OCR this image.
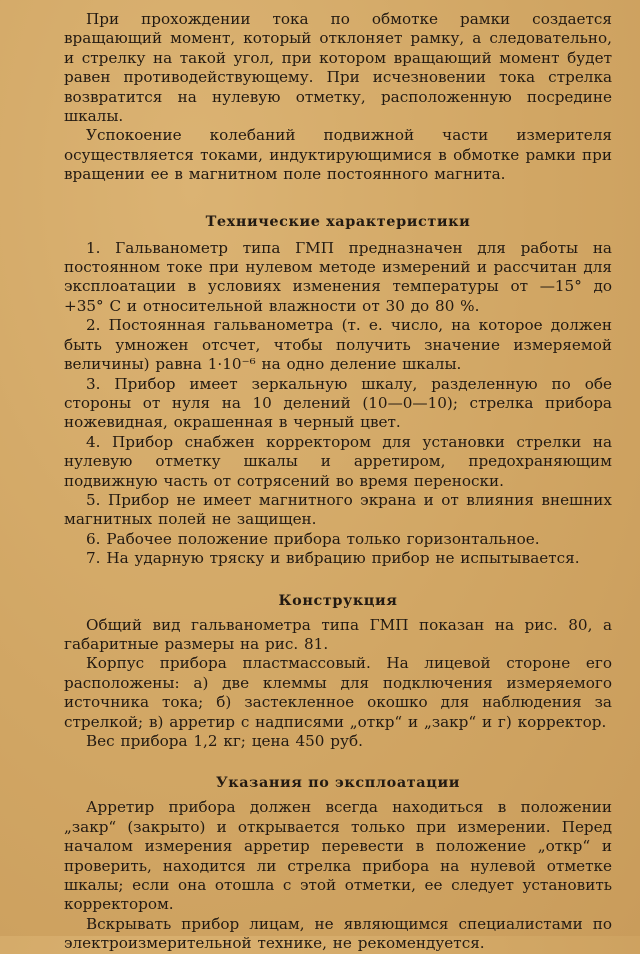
При прохождении тока по обмотке рамки создается вращающий момент, который отклоняет рамку, а следовательно, и стрелку на такой угол, при котором вращающий момент будет равен противодействующему. При исчезновении тока стрелка возвратится на нулевую отметку, расположенную посредине шкалы.

Успокоение колебаний подвижной части измерителя осуществляется токами, индуктирующимися в обмотке рамки при вращении ее в магнитном поле постоянного магнита.

Технические характеристики

1. Гальванометр типа ГМП предназначен для работы на постоянном токе при нулевом методе измерений и рассчитан для эксплоатации в условиях изменения температуры от —15° до +35° С и относительной влажности от 30 до 80 %.

2. Постоянная гальванометра (т. е. число, на которое должен быть умножен отсчет, чтобы получить значение измеряемой величины) равна 1·10⁻⁶ на одно деление шкалы.

3. Прибор имеет зеркальную шкалу, разделенную по обе стороны от нуля на 10 делений (10—0—10); стрелка прибора ножевидная, окрашенная в черный цвет.

4. Прибор снабжен корректором для установки стрелки на нулевую отметку шкалы и арретиром, предохраняющим подвижную часть от сотрясений во время переноски.

5. Прибор не имеет магнитного экрана и от влияния внешних магнитных полей не защищен.

6. Рабочее положение прибора только горизонтальное.

7. На ударную тряску и вибрацию прибор не испытывается.

Конструкция

Общий вид гальванометра типа ГМП показан на рис. 80, а габаритные размеры на рис. 81.

Корпус прибора пластмассовый. На лицевой стороне его расположены: а) две клеммы для подключения измеряемого источника тока; б) застекленное окошко для наблюдения за стрелкой; в) арретир с надписями „откр“ и „закр“ и г) корректор.

Вес прибора 1,2 кг; цена 450 руб.

Указания по эксплоатации

Арретир прибора должен всегда находиться в положении „закр“ (закрыто) и открывается только при измерении. Перед началом измерения арретир перевести в положение „откр“ и проверить, находится ли стрелка прибора на нулевой отметке шкалы; если она отошла с этой отметки, ее следует установить корректором.

Вскрывать прибор лицам, не являющимся специалистами по электроизмерительной технике, не рекомендуется.
